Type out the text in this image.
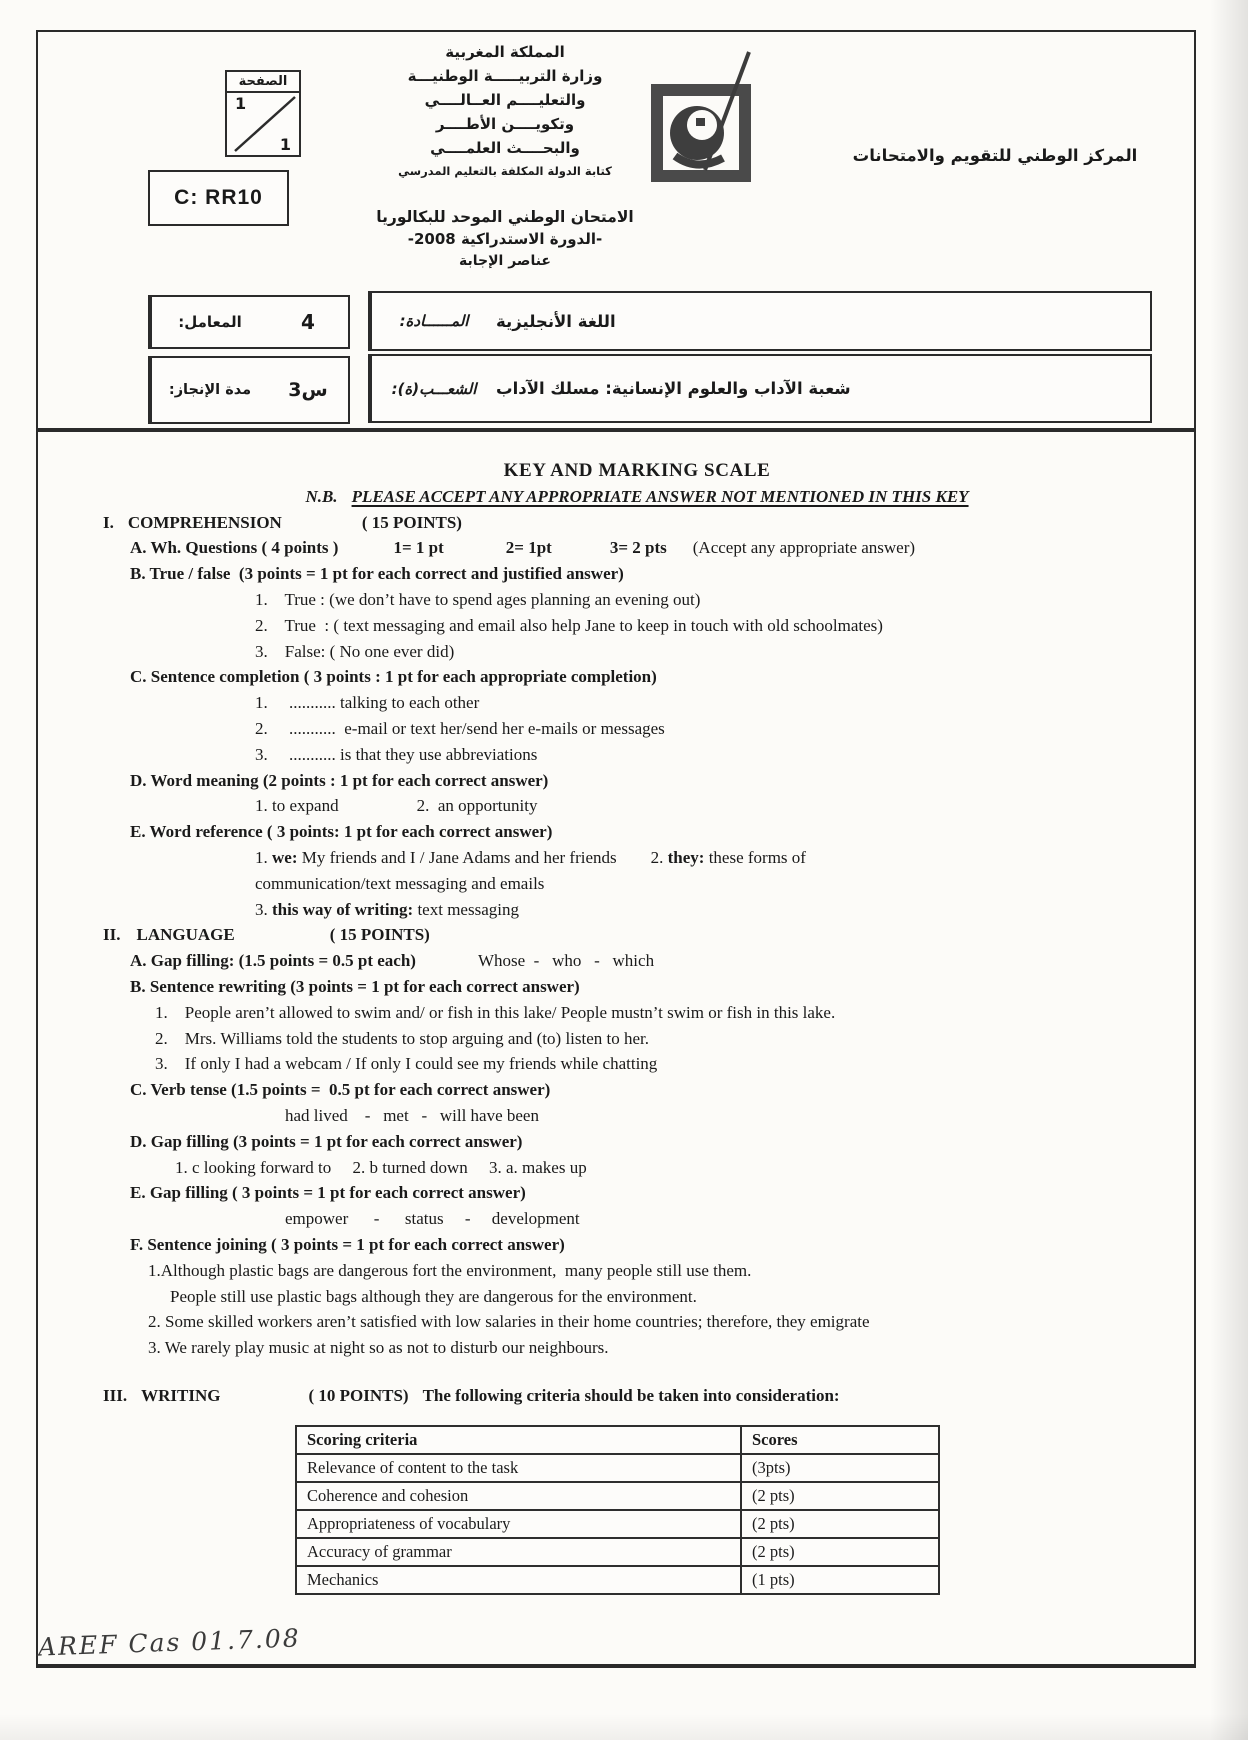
الصفحة
1
1
C: RR10
المملكة المغربية
وزارة التربيـــــة الوطنيـــة
والتعليــــم العــالــــي
وتكويــــن الأطــــر
والبحــــث العلمــــي
كتابة الدولة المكلفة بالتعليم المدرسي
المركز الوطني للتقويم والامتحانات
الامتحان الوطني الموحد للبكالوريا
-الدورة الاستدراكية 2008-
عناصر الإجابة
4
المعامل:
3س
مدة الإنجاز:
اللغة الأنجليزية
المــــــادة:
شعبة الآداب والعلوم الإنسانية: مسلك الآداب
الشعـــب(ة):
KEY AND MARKING SCALE
N.B. PLEASE ACCEPT ANY APPROPRIATE ANSWER NOT MENTIONED IN THIS KEY
I. COMPREHENSION	( 15 POINTS)
A. Wh. Questions ( 4 points )	1= 1 pt	2= 1pt	3= 2 pts (Accept any appropriate answer)
B. True / false  (3 points = 1 pt for each correct and justified answer)
1.    True : (we don’t have to spend ages planning an evening out)
2.    True  : ( text messaging and email also help Jane to keep in touch with old schoolmates)
3.    False: ( No one ever did)
C. Sentence completion ( 3 points : 1 pt for each appropriate completion)
1.     ........... talking to each other
2.     ...........  e-mail or text her/send her e-mails or messages
3.     ........... is that they use abbreviations
D. Word meaning (2 points : 1 pt for each correct answer)
1. to expand	2.  an opportunity
E. Word reference ( 3 points: 1 pt for each correct answer)
1. we: My friends and I / Jane Adams and her friends 2. they: these forms of
communication/text messaging and emails
3. this way of writing: text messaging
II. LANGUAGE	( 15 POINTS)
A. Gap filling: (1.5 points = 0.5 pt each)	Whose  -   who   -   which
B. Sentence rewriting (3 points = 1 pt for each correct answer)
1.    People aren’t allowed to swim and/ or fish in this lake/ People mustn’t swim or fish in this lake.
2.    Mrs. Williams told the students to stop arguing and (to) listen to her.
3.    If only I had a webcam / If only I could see my friends while chatting
C. Verb tense (1.5 points =  0.5 pt for each correct answer)
had lived    -   met   -   will have been
D. Gap filling (3 points = 1 pt for each correct answer)
1. c looking forward to     2. b turned down     3. a. makes up
E. Gap filling ( 3 points = 1 pt for each correct answer)
empower      -      status     -     development
F. Sentence joining ( 3 points = 1 pt for each correct answer)
1.Although plastic bags are dangerous fort the environment,  many people still use them.
People still use plastic bags although they are dangerous for the environment.
2. Some skilled workers aren’t satisfied with low salaries in their home countries; therefore, they emigrate
3. We rarely play music at night so as not to disturb our neighbours.
III. WRITING	( 10 POINTS) The following criteria should be taken into consideration:
Scoring criteria	Scores
Relevance of content to the task	(3pts)
Coherence and cohesion	(2 pts)
Appropriateness of vocabulary	(2 pts)
Accuracy of grammar	(2 pts)
Mechanics	(1 pts)
AREF Cas 01.7.08
